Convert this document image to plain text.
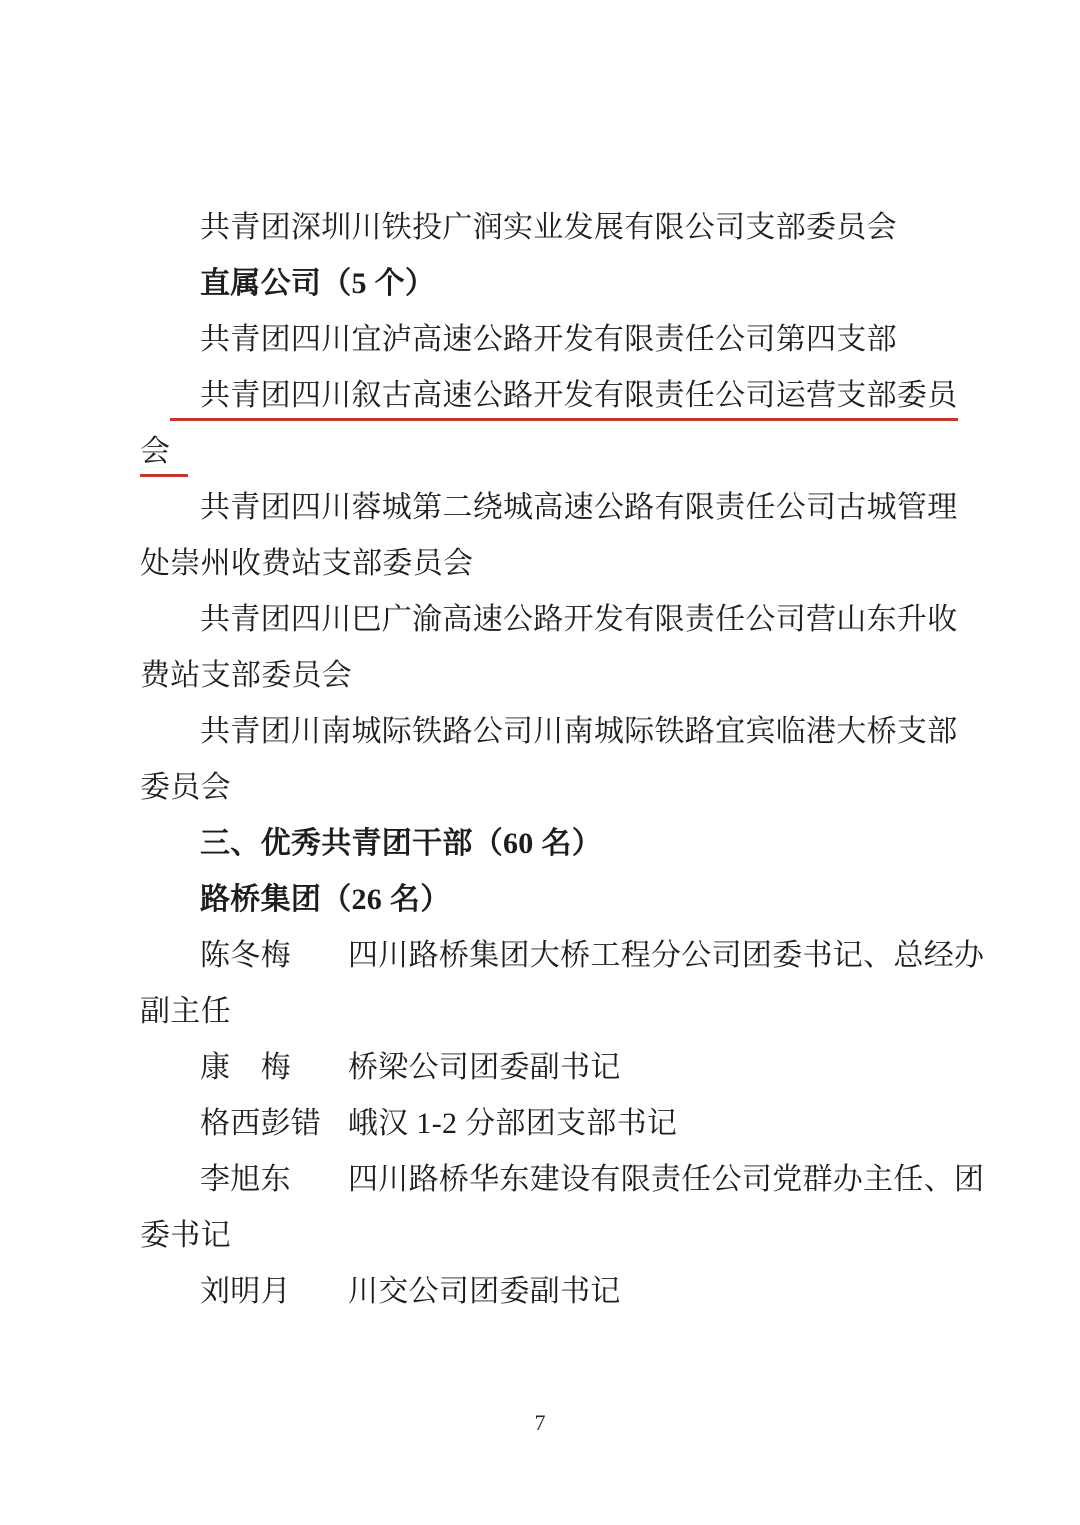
共青团深圳川铁投广润实业发展有限公司支部委员会
直属公司（5 个）
共青团四川宜泸高速公路开发有限责任公司第四支部
共青团四川叙古高速公路开发有限责任公司运营支部委员
会
共青团四川蓉城第二绕城高速公路有限责任公司古城管理
处崇州收费站支部委员会
共青团四川巴广渝高速公路开发有限责任公司营山东升收
费站支部委员会
共青团川南城际铁路公司川南城际铁路宜宾临港大桥支部
委员会
三、优秀共青团干部（60 名）
路桥集团（26 名）
陈冬梅 四川路桥集团大桥工程分公司团委书记、总经办
副主任
康　梅 桥梁公司团委副书记
格西彭错 峨汉 1-2 分部团支部书记
李旭东 四川路桥华东建设有限责任公司党群办主任、团
委书记
刘明月 川交公司团委副书记
7
